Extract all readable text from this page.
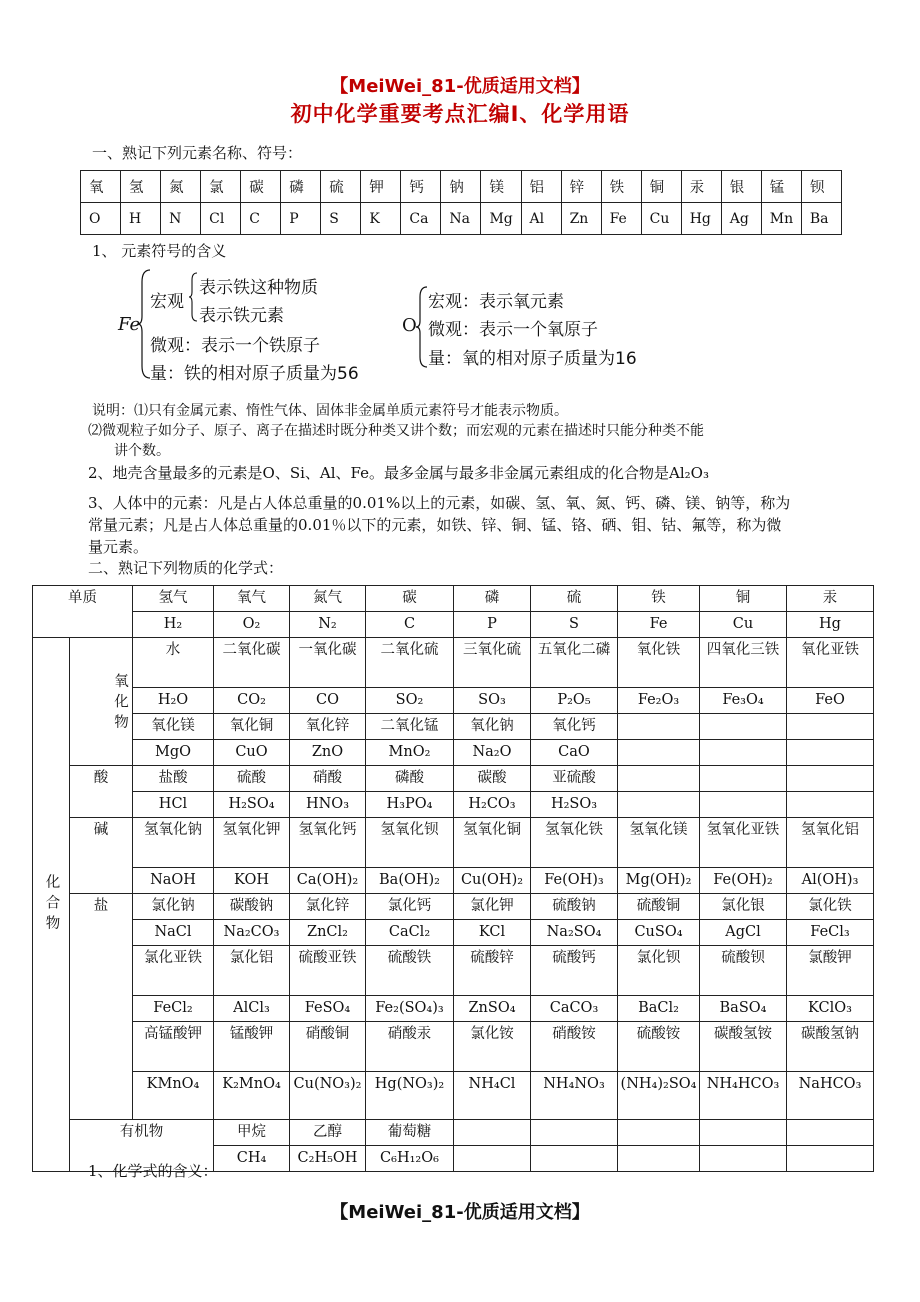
【MeiWei_81-优质适用文档】
初中化学重要考点汇编Ⅰ、化学用语
一、熟记下列元素名称、符号：
氧	氢	氮	氯	碳	磷	硫	钾	钙	钠	镁	铝	锌	铁	铜	汞	银	锰	钡
O	H	N	Cl	C	P	S	K	Ca	Na	Mg	Al	Zn	Fe	Cu	Hg	Ag	Mn	Ba
1、 元素符号的含义
Fe
宏观
表示铁这种物质
表示铁元素
微观：表示一个铁原子
量：铁的相对原子质量为56
O
宏观：表示氧元素
微观：表示一个氧原子
量：氧的相对原子质量为16
说明：⑴只有金属元素、惰性气体、固体非金属单质元素符号才能表示物质。
⑵微观粒子如分子、原子、离子在描述时既分种类又讲个数；而宏观的元素在描述时只能分种类不能
讲个数。
2、地壳含量最多的元素是O、Si、Al、Fe。最多金属与最多非金属元素组成的化合物是Al₂O₃
3、人体中的元素：凡是占人体总重量的0.01%以上的元素，如碳、氢、氧、氮、钙、磷、镁、钠等，称为
常量元素；凡是占人体总重量的0.01％以下的元素，如铁、锌、铜、锰、铬、硒、钼、钴、氟等，称为微
量元素。
二、熟记下列物质的化学式：
单质		氢气	氧气	氮气	碳	磷	硫	铁	铜	汞	
		H₂	O₂	N₂	C	P	S	Fe	Cu	Hg	
化合物	氧化物	水	二氧化碳	一氧化碳	二氧化硫	三氧化硫	五氧化二磷	氧化铁	四氧化三铁	氧化亚铁	
		H₂O	CO₂	CO	SO₂	SO₃	P₂O₅	Fe₂O₃	Fe₃O₄	FeO	
		氧化镁	氧化铜	氧化锌	二氧化锰	氧化钠	氧化钙				
		MgO	CuO	ZnO	MnO₂	Na₂O	CaO				
	酸	盐酸	硫酸	硝酸	磷酸	碳酸	亚硫酸				
		HCl	H₂SO₄	HNO₃	H₃PO₄	H₂CO₃	H₂SO₃				
	碱	氢氧化钠	氢氧化钾	氢氧化钙	氢氧化钡	氢氧化铜	氢氧化铁	氢氧化镁	氢氧化亚铁	氢氧化铝	
		NaOH	KOH	Ca(OH)₂	Ba(OH)₂	Cu(OH)₂	Fe(OH)₃	Mg(OH)₂	Fe(OH)₂	Al(OH)₃	
	盐	氯化钠	碳酸钠	氯化锌	氯化钙	氯化钾	硫酸钠	硫酸铜	氯化银	氯化铁	
		NaCl	Na₂CO₃	ZnCl₂	CaCl₂	KCl	Na₂SO₄	CuSO₄	AgCl	FeCl₃	
		氯化亚铁	氯化铝	硫酸亚铁	硫酸铁	硫酸锌	硫酸钙	氯化钡	硫酸钡	氯酸钾	
		FeCl₂	AlCl₃	FeSO₄	Fe₂(SO₄)₃	ZnSO₄	CaCO₃	BaCl₂	BaSO₄	KClO₃	
		高锰酸钾	锰酸钾	硝酸铜	硝酸汞	氯化铵	硝酸铵	硫酸铵	碳酸氢铵	碳酸氢钠	
		KMnO₄	K₂MnO₄	Cu(NO₃)₂	Hg(NO₃)₂	NH₄Cl	NH₄NO₃	(NH₄)₂SO₄	NH₄HCO₃	NaHCO₃	
	有机物		甲烷	乙醇	葡萄糖						
			CH₄	C₂H₅OH	C₆H₁₂O₆						
1、化学式的含义：
【MeiWei_81-优质适用文档】
